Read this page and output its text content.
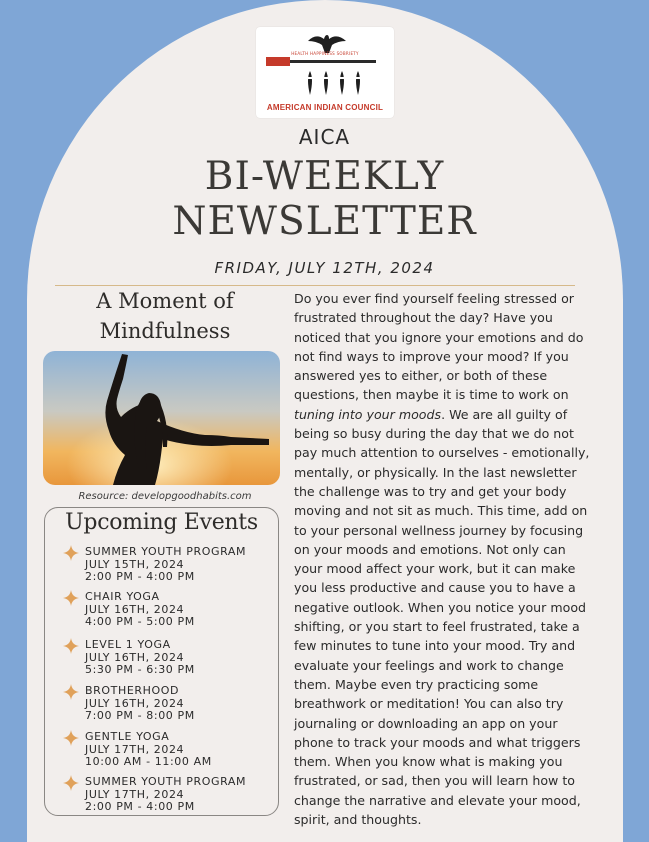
HEALTH HAPPINESS SOBRIETY
AMERICAN INDIAN COUNCIL
AICA
BI-WEEKLY
NEWSLETTER
FRIDAY, JULY 12TH, 2024
A Moment of
Mindfulness
Resource: developgoodhabits.com
Upcoming Events
SUMMER YOUTH PROGRAM
JULY 15TH, 2024
2:00 PM - 4:00 PM
CHAIR YOGA
JULY 16TH, 2024
4:00 PM - 5:00 PM
LEVEL 1 YOGA
JULY 16TH, 2024
5:30 PM - 6:30 PM
BROTHERHOOD
JULY 16TH, 2024
7:00 PM - 8:00 PM
GENTLE YOGA
JULY 17TH, 2024
10:00 AM - 11:00 AM
SUMMER YOUTH PROGRAM
JULY 17TH, 2024
2:00 PM - 4:00 PM

Do you ever find yourself feeling stressed or
frustrated throughout the day? Have you
noticed that you ignore your emotions and do
not find ways to improve your mood? If you
answered yes to either, or both of these
questions, then maybe it is time to work on
tuning into your moods. We are all guilty of
being so busy during the day that we do not
pay much attention to ourselves - emotionally,
mentally, or physically. In the last newsletter
the challenge was to try and get your body
moving and not sit as much. This time, add on
to your personal wellness journey by focusing
on your moods and emotions. Not only can
your mood affect your work, but it can make
you less productive and cause you to have a
negative outlook. When you notice your mood
shifting, or you start to feel frustrated, take a
few minutes to tune into your mood. Try and
evaluate your feelings and work to change
them. Maybe even try practicing some
breathwork or meditation! You can also try
journaling or downloading an app on your
phone to track your moods and what triggers
them. When you know what is making you
frustrated, or sad, then you will learn how to
change the narrative and elevate your mood,
spirit, and thoughts.
